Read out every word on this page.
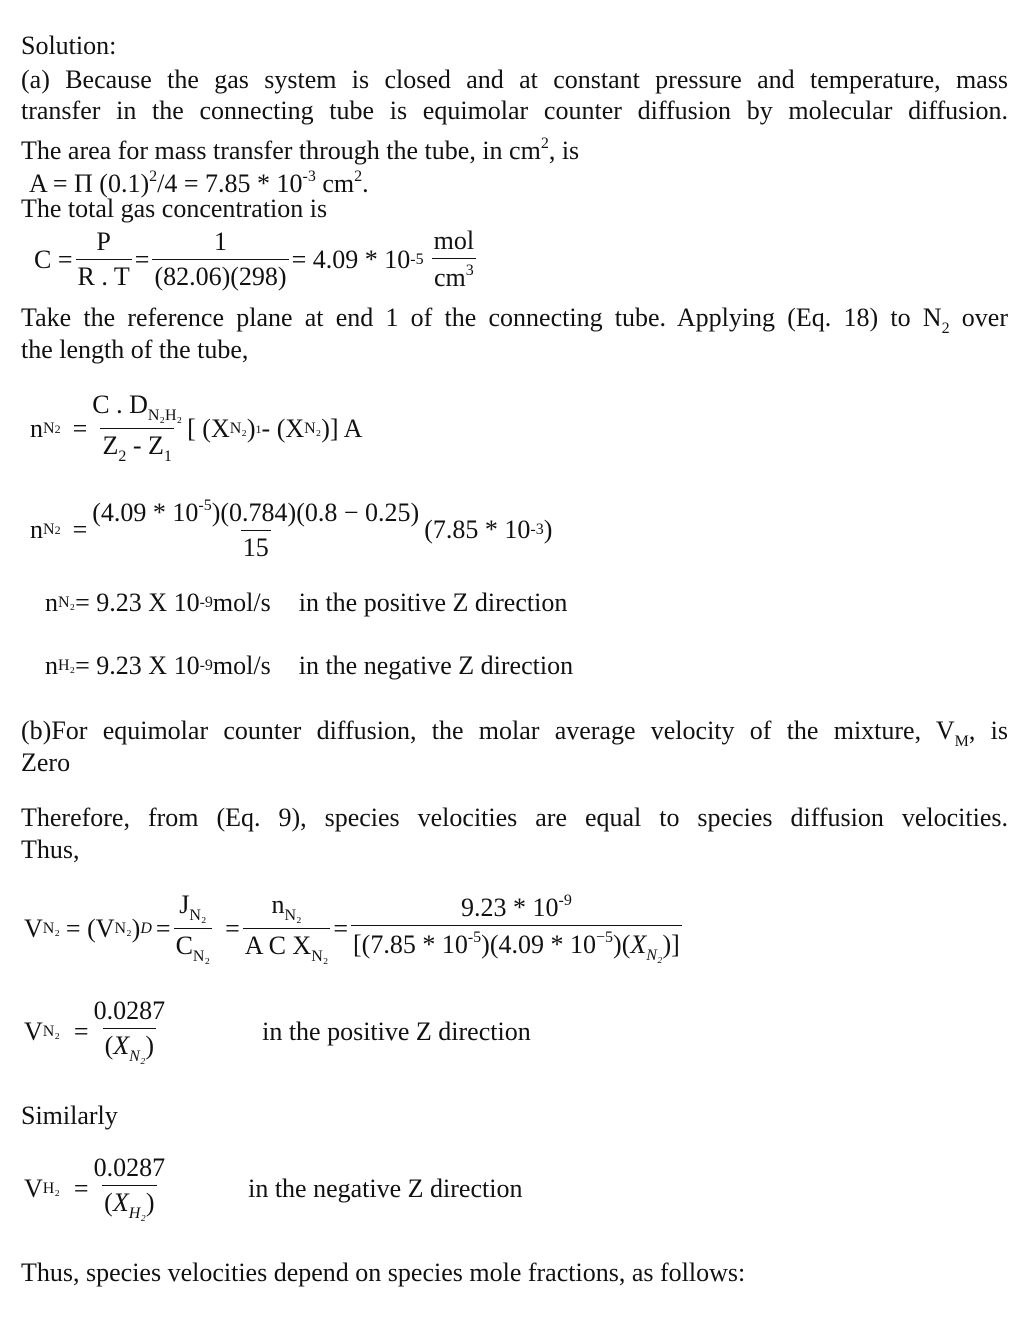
Solution:
(a) Because the gas system is closed and at constant pressure and temperature, mass
transfer in the connecting tube is equimolar counter diffusion by molecular diffusion.
The area for mass transfer through the tube, in $cm^2$, is
A = Π $(0.1)^2/4 = 7.85 * 10^{-3}$ $cm^2$.
The total gas concentration is
$C = \frac{P}{R . T} = \frac{1}{(82.06)(298)} = 4.09 * 10$ $-5 \frac{\text{mol}}{cm^3}$
Take the reference plane at end 1 of the connecting tube. Applying (Eq. 18) to $N_2$ over
the length of the tube,
n $N2 = \frac{C . D_{N_2H_2}}{Z_2 - Z_1}$ [ (X N₂ ) 1 - (X N₂ )] A
n $N2 = \frac{(4.09 * 10^{-5})(0.784)(0.8 - 0.25)}{15} (7.85 * 10$ -3 )
n N₂ = 9.23 X 10 -9 mol/s in the positive Z direction
n H₂ = 9.23 X 10 -9 mol/s in the negative Z direction
(b)For equimolar counter diffusion, the molar average velocity of the mixture, $V_M$, is
Zero
Therefore, from (Eq. 9), species velocities are equal to species diffusion velocities.
Thus,
V N₂ = (V N₂ ) $D = \frac{J_{N_2}}{C_{N_2}} = \frac{n_{N_2}}{A C X_{N_2}} = \frac{9.23 * 10^{-9}}{[(7.85 * 10^{-5})(4.09 * 10^{-5})(X_{N_2})]}$
V $N_2 = \frac{0.0287}{(X_{N_2})}$	in the positive Z direction
Similarly
V $H_2 = \frac{0.0287}{(X_{H_2})}$	in the negative Z direction
Thus, species velocities depend on species mole fractions, as follows:
